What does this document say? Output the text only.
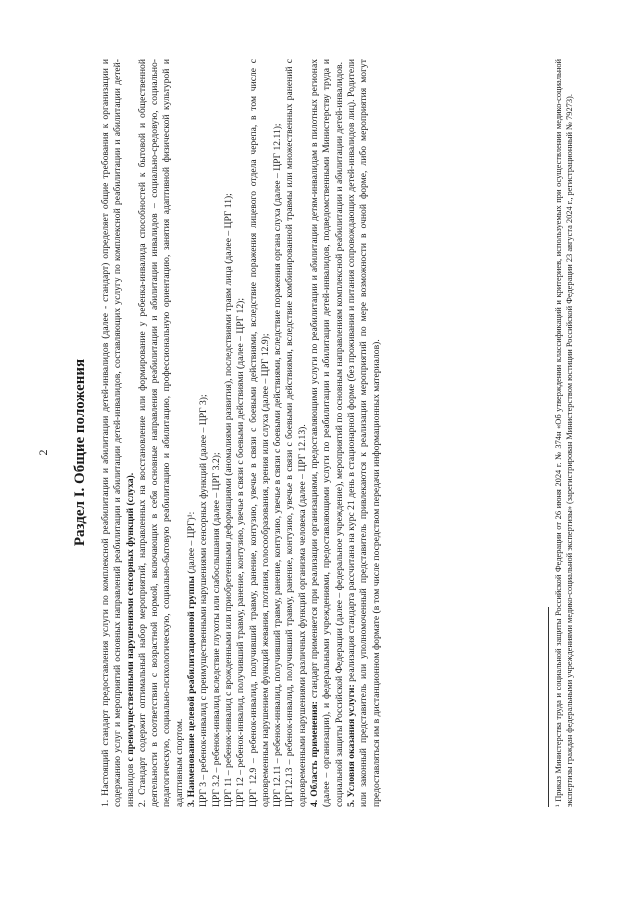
2 Раздел I. Общие положения 1. Настоящий стандарт предоставления услуги по комплексной реабилитации и абилитации детей-инвалидов (далее - стандарт) определяет общие требования к организации и содержанию услуг и мероприятий основных направлений реабилитации и абилитации детей-инвалидов, составляющих услугу по комплексной реабилитации и абилитации детей-инвалидов с преимущественными нарушениями сенсорных функций (слуха). 2. Стандарт содержит оптимальный набор мероприятий, направленных на восстановление или формирование у ребенка-инвалида способностей к бытовой и общественной деятельности в соответствии с возрастной нормой, включающих в себя основные направления реабилитации и абилитации инвалидов – социально-средовую, социально-педагогическую, социально-психологическую, социально-бытовую реабилитацию и абилитацию, профессиональную ориентацию, занятия адаптивной физической культурой и адаптивным спортом. 3. Наименование целевой реабилитационной группы (далее – ЦРГ)¹: ЦРГ 3 – ребенок-инвалид с преимущественными нарушениями сенсорных функций (далее – ЦРГ 3); ЦРГ 3.2 – ребенок-инвалид вследствие глухоты или слабослышания (далее – ЦРГ 3.2); ЦРГ 11 – ребенок-инвалид с врожденными или приобретенными деформациями (аномалиями развития), последствиями травм лица (далее – ЦРГ 11); ЦРГ 12 – ребенок-инвалид, получивший травму, ранение, контузию, увечье в связи с боевыми действиями (далее – ЦРГ 12); ЦРГ 12.9 – ребенок-инвалид, получивший травму, ранение, контузию, увечье в связи с боевыми действиями, вследствие поражения лицевого отдела черепа, в том числе с одновременным нарушением функций жевания, глотания, голосообразования, зрения или слуха (далее – ЦРГ 12.9); ЦРГ 12.11 – ребенок-инвалид, получивший травму, ранение, контузию, увечье в связи с боевыми действиями, вследствие поражения органа слуха (далее – ЦРГ 12.11); ЦРГ12.13 – ребенок-инвалид, получивший травму, ранение, контузию, увечье в связи с боевыми действиями, вследствие комбинированной травмы или множественных ранений с одновременными нарушениями различных функций организма человека (далее – ЦРГ 12.13). 4. Область применения: стандарт применяется при реализации организациями, предоставляющими услуги по реабилитации и абилитации детям-инвалидам в пилотных регионах (далее – организации), и федеральными учреждениями, предоставляющими услуги по реабилитации и абилитации детей-инвалидов, подведомственными Министерству труда и социальной защиты Российской Федерации (далее – федеральное учреждение), мероприятий по основным направлениям комплексной реабилитации и абилитации детей-инвалидов. 5. Условия оказания услуги: реализация стандарта рассчитана на курс 21 день в стационарной форме (без проживания и питания сопровождающих детей-инвалидов лиц). Родители или законный представитель или уполномоченный представитель привлекаются к реализации мероприятий по мере возможности в очной форме, либо мероприятия могут предоставляться им в дистанционном формате (в том числе посредством передачи информационных материалов).	¹ Приказ Министерства труда и социальной защиты Российской Федерации от 26 июня 2024 г. № 374н «Об утверждении классификаций и критериев, используемых при осуществлении медико-социальной экспертизы граждан федеральными учреждениями медико-социальной экспертизы» (зарегистрирован Министерством юстиции Российской Федерации 23 августа 2024 г., регистрационный № 79273).
